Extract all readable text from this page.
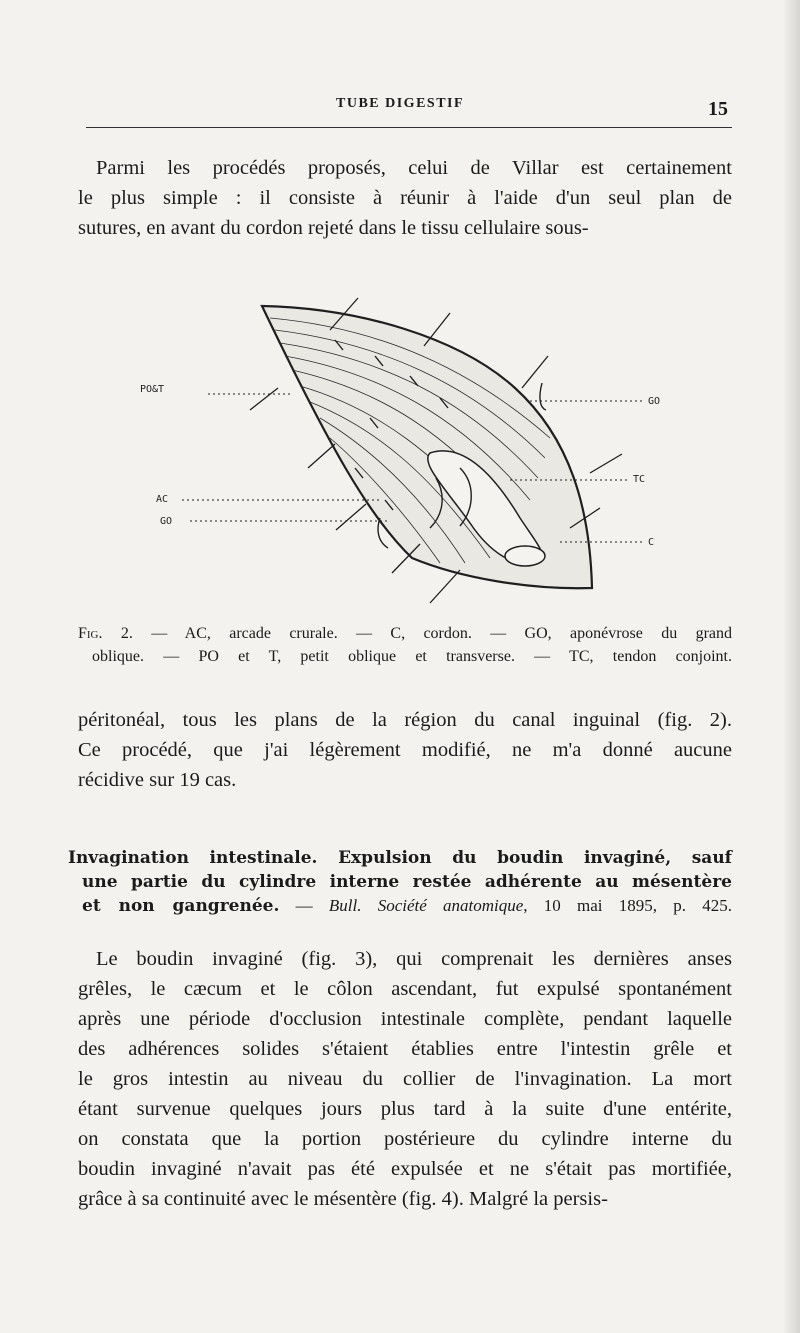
TUBE DIGESTIF	15

Parmi les procédés proposés, celui de Villar est certainement

le plus simple : il consiste à réunir à l'aide d'un seul plan de

sutures, en avant du cordon rejeté dans le tissu cellulaire sous-

PO&T
GO
TC
AC
GO
C
Fig. 2. — AC, arcade crurale. — C, cordon. — GO, aponévrose du grand
oblique. — PO et T, petit oblique et transverse. — TC, tendon conjoint.

péritonéal, tous les plans de la région du canal inguinal (fig. 2).

Ce procédé, que j'ai légèrement modifié, ne m'a donné aucune

récidive sur 19 cas.

Invagination intestinale. Expulsion du boudin invaginé, sauf
une partie du cylindre interne restée adhérente au mésentère
et non gangrenée. — Bull. Société anatomique, 10 mai 1895, p. 425.

Le boudin invaginé (fig. 3), qui comprenait les dernières anses

grêles, le cæcum et le côlon ascendant, fut expulsé spontanément

après une période d'occlusion intestinale complète, pendant laquelle

des adhérences solides s'étaient établies entre l'intestin grêle et

le gros intestin au niveau du collier de l'invagination. La mort

étant survenue quelques jours plus tard à la suite d'une entérite,

on constata que la portion postérieure du cylindre interne du

boudin invaginé n'avait pas été expulsée et ne s'était pas mortifiée,

grâce à sa continuité avec le mésentère (fig. 4). Malgré la persis-
